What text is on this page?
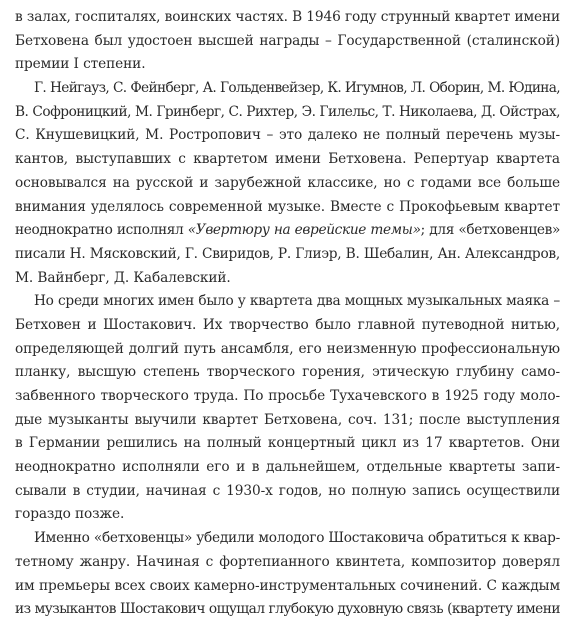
в залах, госпиталях, воинских частях. В 1946 году струнный квартет имени
Бетховена был удостоен высшей награды – Государственной (сталинской)
премии I степени.
Г. Нейгауз, С. Фейнберг, А. Гольденвейзер, К. Игумнов, Л. Оборин, М. Юдина,
В. Софроницкий, М. Гринберг, С. Рихтер, Э. Гилельс, Т. Николаева, Д. Ойстрах,
С. Кнушевицкий, М. Ростропович – это далеко не полный перечень музы-
кантов, выступавших с квартетом имени Бетховена. Репертуар квартета
основывался на русской и зарубежной классике, но с годами все больше
внимания уделялось современной музыке. Вместе с Прокофьевым квартет
неоднократно исполнял «Увертюру на еврейские темы»; для «бетховенцев»
писали Н. Мясковский, Г. Свиридов, Р. Глиэр, В. Шебалин, Ан. Александров,
М. Вайнберг, Д. Кабалевский.
Но среди многих имен было у квартета два мощных музыкальных маяка –
Бетховен и Шостакович. Их творчество было главной путеводной нитью,
определяющей долгий путь ансамбля, его неизменную профессиональную
планку, высшую степень творческого горения, этическую глубину само-
забвенного творческого труда. По просьбе Тухачевского в 1925 году моло-
дые музыканты выучили квартет Бетховена, соч. 131; после выступления
в Германии решились на полный концертный цикл из 17 квартетов. Они
неоднократно исполняли его и в дальнейшем, отдельные квартеты запи-
сывали в студии, начиная с 1930-х годов, но полную запись осуществили
гораздо позже.
Именно «бетховенцы» убедили молодого Шостаковича обратиться к квар-
тетному жанру. Начиная с фортепианного квинтета, композитор доверял
им премьеры всех своих камерно-инструментальных сочинений. С каждым
из музыкантов Шостакович ощущал глубокую духовную связь (квартету имени
